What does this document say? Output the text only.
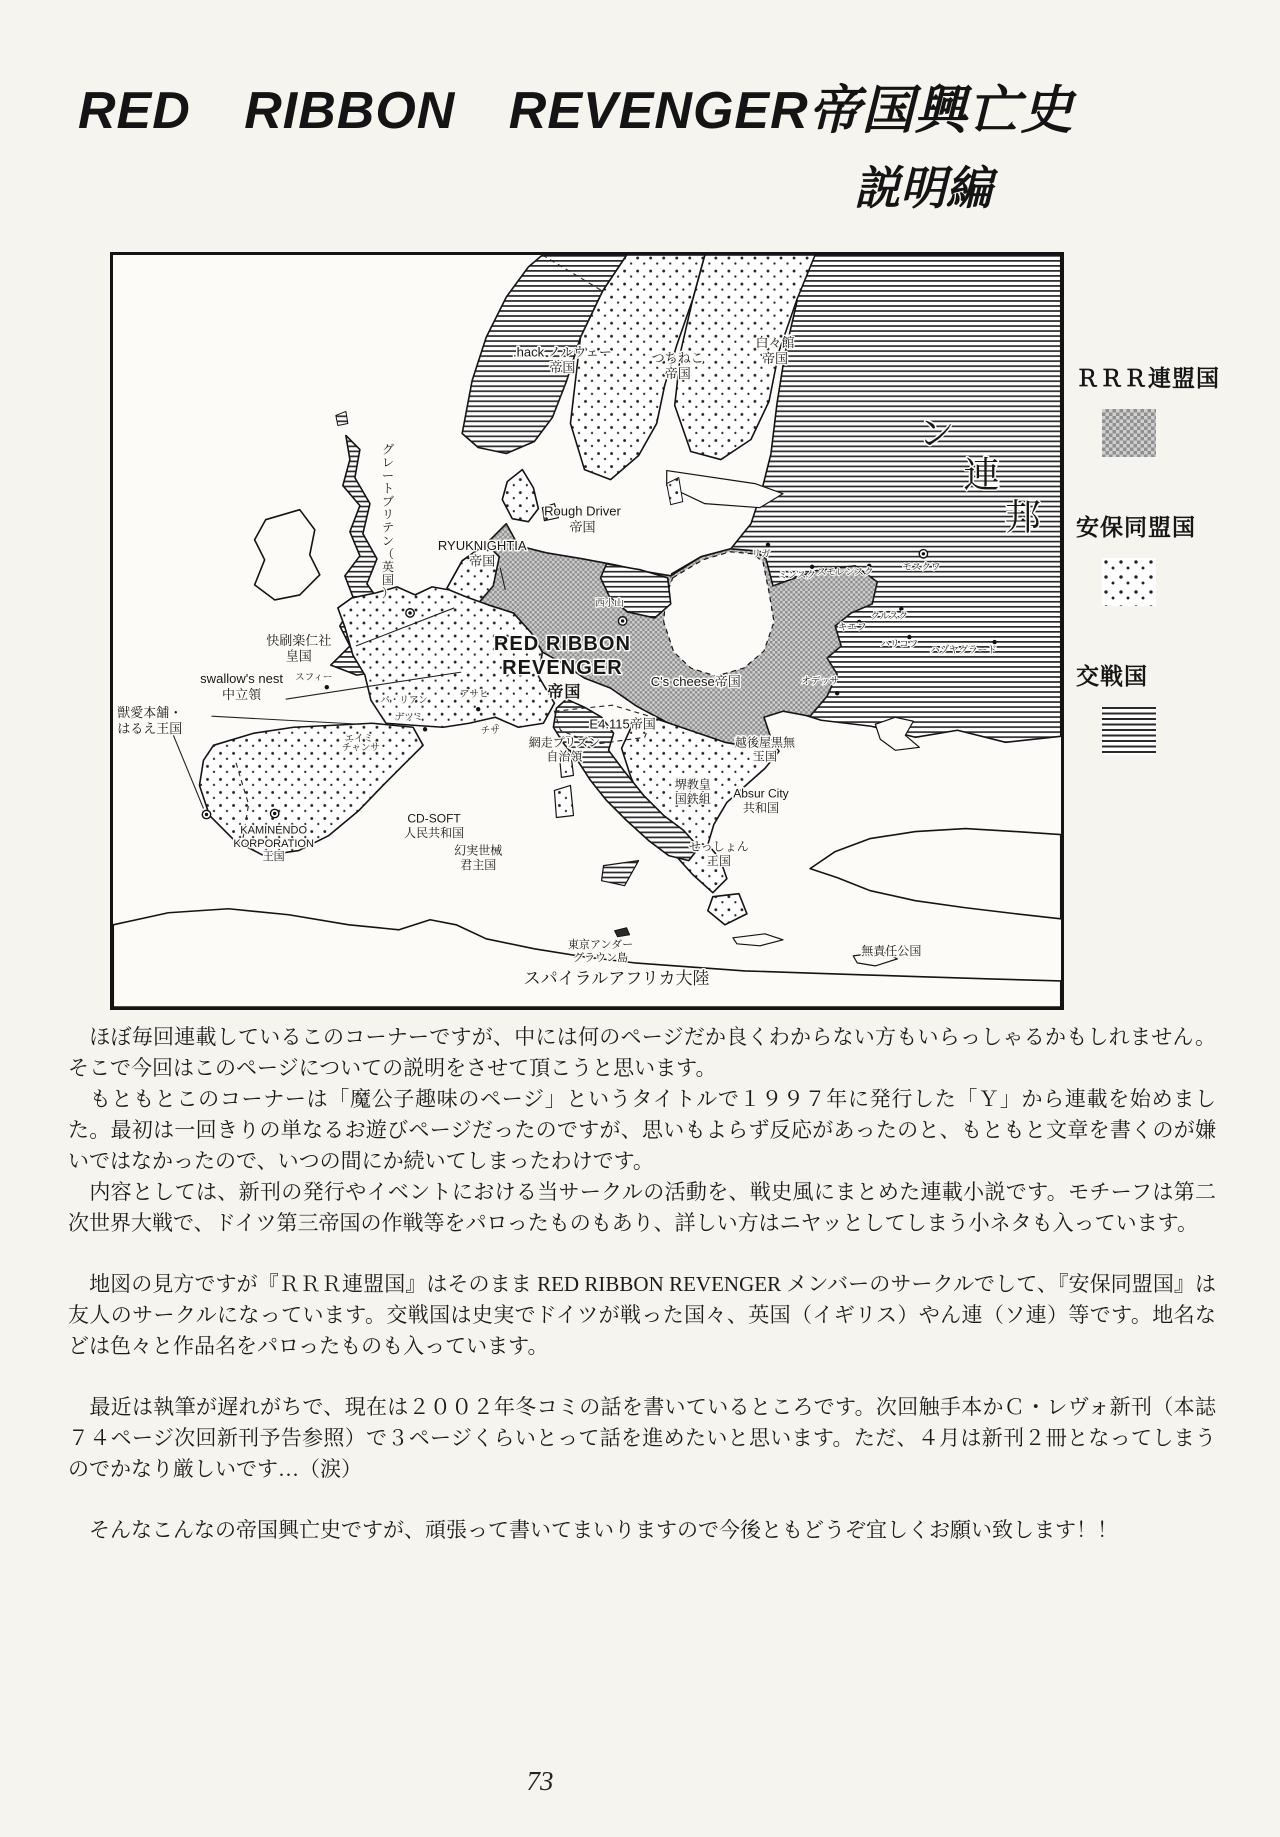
RED RIBBON REVENGER帝国興亡史
説明編
リガ
ミンスク スモレンスク	モスクワ
クルスク
キエフ
ハリコフ
ハゾヤグラード
オデッサ
西小山
スフィー
パ・リアン
アサヒ
ナツミ
チサ
エイミ
チャンサ
.hack ノルウェー帝国
つちねこ帝国
白々館帝国
RYUKNIGHTIA 帝国
Rough Driver 帝国
グレートブリテン（英国）
快刷楽仁社皇国
swallow's nest 中立領
獣愛本舗・はるえ王国
KAMINENDO KORPORATION 王国
RED RIBBON REVENGER
帝国
C's cheese帝国
E4.115帝国
網走プリズン自治領
CD-SOFT 人民共和国
幻実世械君主国
越後屋黒無王国
堺教皇国鉄組 Absur City 共和国
せっしょん王国
東京アンダーグラウン島
無責任公国
スパイラルアフリカ大陸
ン
連
邦
ＲＲＲ連盟国
安保同盟国
交戦国

　ほぼ毎回連載しているこのコーナーですが、中には何のページだか良くわからない方もいらっしゃるかもしれません。そこで今回はこのページについての説明をさせて頂こうと思います。

　もともとこのコーナーは「魔公子趣味のページ」というタイトルで１９９７年に発行した「Ｙ」から連載を始めました。最初は一回きりの単なるお遊びページだったのですが、思いもよらず反応があったのと、もともと文章を書くのが嫌いではなかったので、いつの間にか続いてしまったわけです。

　内容としては、新刊の発行やイベントにおける当サークルの活動を、戦史風にまとめた連載小説です。モチーフは第二次世界大戦で、ドイツ第三帝国の作戦等をパロったものもあり、詳しい方はニヤッとしてしまう小ネタも入っています。

　地図の見方ですが『ＲＲＲ連盟国』はそのまま RED RIBBON REVENGER メンバーのサークルでして、『安保同盟国』は友人のサークルになっています。交戦国は史実でドイツが戦った国々、英国（イギリス）やん連（ソ連）等です。地名などは色々と作品名をパロったものも入っています。

　最近は執筆が遅れがちで、現在は２００２年冬コミの話を書いているところです。次回触手本かＣ・レヴォ新刊（本誌７４ページ次回新刊予告参照）で３ページくらいとって話を進めたいと思います。ただ、４月は新刊２冊となってしまうのでかなり厳しいです…（涙）

　そんなこんなの帝国興亡史ですが、頑張って書いてまいりますので今後ともどうぞ宜しくお願い致します！！

73
